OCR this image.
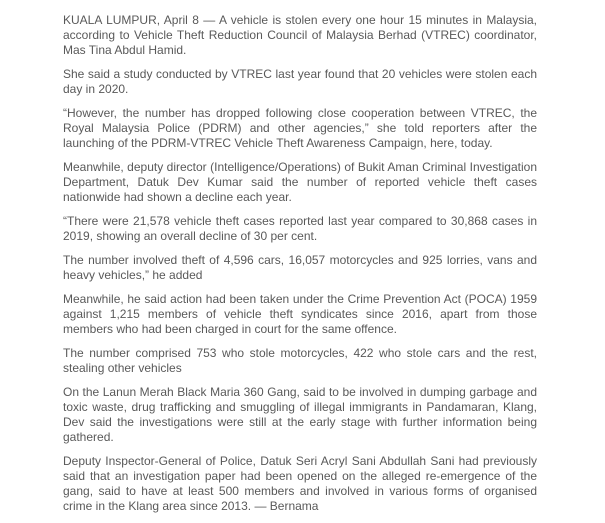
KUALA LUMPUR, April 8 — A vehicle is stolen every one hour 15 minutes in Malaysia, according to Vehicle Theft Reduction Council of Malaysia Berhad (VTREC) coordinator, Mas Tina Abdul Hamid.

She said a study conducted by VTREC last year found that 20 vehicles were stolen each day in 2020.

“However, the number has dropped following close cooperation between VTREC, the Royal Malaysia Police (PDRM) and other agencies,” she told reporters after the launching of the PDRM-VTREC Vehicle Theft Awareness Campaign, here, today.

Meanwhile, deputy director (Intelligence/Operations) of Bukit Aman Criminal Investigation Department, Datuk Dev Kumar said the number of reported vehicle theft cases nationwide had shown a decline each year.

“There were 21,578 vehicle theft cases reported last year compared to 30,868 cases in 2019, showing an overall decline of 30 per cent.

The number involved theft of 4,596 cars, 16,057 motorcycles and 925 lorries, vans and heavy vehicles,” he added

Meanwhile, he said action had been taken under the Crime Prevention Act (POCA) 1959 against 1,215 members of vehicle theft syndicates since 2016, apart from those members who had been charged in court for the same offence.

The number comprised 753 who stole motorcycles, 422 who stole cars and the rest, stealing other vehicles

On the Lanun Merah Black Maria 360 Gang, said to be involved in dumping garbage and toxic waste, drug trafficking and smuggling of illegal immigrants in Pandamaran, Klang, Dev said the investigations were still at the early stage with further information being gathered.

Deputy Inspector-General of Police, Datuk Seri Acryl Sani Abdullah Sani had previously said that an investigation paper had been opened on the alleged re-emergence of the gang, said to have at least 500 members and involved in various forms of organised crime in the Klang area since 2013. — Bernama
